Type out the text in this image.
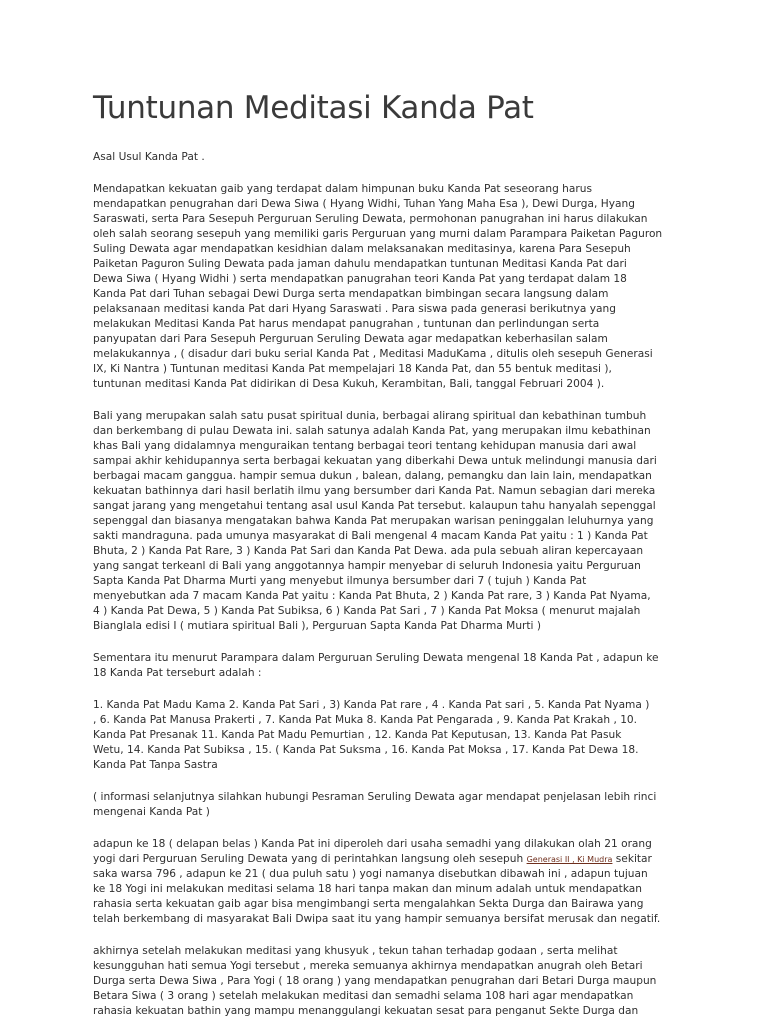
Tuntunan Meditasi Kanda Pat
Asal Usul Kanda Pat .
Mendapatkan kekuatan gaib yang terdapat dalam himpunan buku Kanda Pat seseorang harus
mendapatkan penugrahan dari Dewa Siwa ( Hyang Widhi, Tuhan Yang Maha Esa ), Dewi Durga, Hyang
Saraswati, serta Para Sesepuh Perguruan Seruling Dewata, permohonan panugrahan ini harus dilakukan
oleh salah seorang sesepuh yang memiliki garis Perguruan yang murni dalam Parampara Paiketan Paguron
Suling Dewata agar mendapatkan kesidhian dalam melaksanakan meditasinya, karena Para Sesepuh
Paiketan Paguron Suling Dewata pada jaman dahulu mendapatkan tuntunan Meditasi Kanda Pat dari
Dewa Siwa ( Hyang Widhi ) serta mendapatkan panugrahan teori Kanda Pat yang terdapat dalam 18
Kanda Pat dari Tuhan sebagai Dewi Durga serta mendapatkan bimbingan secara langsung dalam
pelaksanaan meditasi kanda Pat dari Hyang Saraswati . Para siswa pada generasi berikutnya yang
melakukan Meditasi Kanda Pat harus mendapat panugrahan , tuntunan dan perlindungan serta
panyupatan dari Para Sesepuh Perguruan Seruling Dewata agar medapatkan keberhasilan salam
melakukannya , ( disadur dari buku serial Kanda Pat , Meditasi MaduKama , ditulis oleh sesepuh Generasi
IX, Ki Nantra ) Tuntunan meditasi Kanda Pat mempelajari 18 Kanda Pat, dan 55 bentuk meditasi ),
tuntunan meditasi Kanda Pat didirikan di Desa Kukuh, Kerambitan, Bali, tanggal Februari 2004 ).
Bali yang merupakan salah satu pusat spiritual dunia, berbagai alirang spiritual dan kebathinan tumbuh
dan berkembang di pulau Dewata ini. salah satunya adalah Kanda Pat, yang merupakan ilmu kebathinan
khas Bali yang didalamnya menguraikan tentang berbagai teori tentang kehidupan manusia dari awal
sampai akhir kehidupannya serta berbagai kekuatan yang diberkahi Dewa untuk melindungi manusia dari
berbagai macam ganggua. hampir semua dukun , balean, dalang, pemangku dan lain lain, mendapatkan
kekuatan bathinnya dari hasil berlatih ilmu yang bersumber dari Kanda Pat. Namun sebagian dari mereka
sangat jarang yang mengetahui tentang asal usul Kanda Pat tersebut. kalaupun tahu hanyalah sepenggal
sepenggal dan biasanya mengatakan bahwa Kanda Pat merupakan warisan peninggalan leluhurnya yang
sakti mandraguna. pada umunya masyarakat di Bali mengenal 4 macam Kanda Pat yaitu : 1 ) Kanda Pat
Bhuta, 2 ) Kanda Pat Rare, 3 ) Kanda Pat Sari dan Kanda Pat Dewa. ada pula sebuah aliran kepercayaan
yang sangat terkeanl di Bali yang anggotannya hampir menyebar di seluruh Indonesia yaitu Perguruan
Sapta Kanda Pat Dharma Murti yang menyebut ilmunya bersumber dari 7 ( tujuh ) Kanda Pat
menyebutkan ada 7 macam Kanda Pat yaitu : Kanda Pat Bhuta, 2 ) Kanda Pat rare, 3 ) Kanda Pat Nyama,
4 ) Kanda Pat Dewa, 5 ) Kanda Pat Subiksa, 6 ) Kanda Pat Sari , 7 ) Kanda Pat Moksa ( menurut majalah
Bianglala edisi I ( mutiara spiritual Bali ), Perguruan Sapta Kanda Pat Dharma Murti )
Sementara itu menurut Parampara dalam Perguruan Seruling Dewata mengenal 18 Kanda Pat , adapun ke
18 Kanda Pat terseburt adalah :
1. Kanda Pat Madu Kama 2. Kanda Pat Sari , 3) Kanda Pat rare , 4 . Kanda Pat sari , 5. Kanda Pat Nyama )
, 6. Kanda Pat Manusa Prakerti , 7. Kanda Pat Muka 8. Kanda Pat Pengarada , 9. Kanda Pat Krakah , 10.
Kanda Pat Presanak 11. Kanda Pat Madu Pemurtian , 12. Kanda Pat Keputusan, 13. Kanda Pat Pasuk
Wetu, 14. Kanda Pat Subiksa , 15. ( Kanda Pat Suksma , 16. Kanda Pat Moksa , 17. Kanda Pat Dewa 18.
Kanda Pat Tanpa Sastra
( informasi selanjutnya silahkan hubungi Pesraman Seruling Dewata agar mendapat penjelasan lebih rinci
mengenai Kanda Pat )
adapun ke 18 ( delapan belas ) Kanda Pat ini diperoleh dari usaha semadhi yang dilakukan olah 21 orang
yogi dari Perguruan Seruling Dewata yang di perintahkan langsung oleh sesepuh Generasi II , Ki Mudra sekitar
saka warsa 796 , adapun ke 21 ( dua puluh satu ) yogi namanya disebutkan dibawah ini , adapun tujuan
ke 18 Yogi ini melakukan meditasi selama 18 hari tanpa makan dan minum adalah untuk mendapatkan
rahasia serta kekuatan gaib agar bisa mengimbangi serta mengalahkan Sekta Durga dan Bairawa yang
telah berkembang di masyarakat Bali Dwipa saat itu yang hampir semuanya bersifat merusak dan negatif.
akhirnya setelah melakukan meditasi yang khusyuk , tekun tahan terhadap godaan , serta melihat
kesungguhan hati semua Yogi tersebut , mereka semuanya akhirnya mendapatkan anugrah oleh Betari
Durga serta Dewa Siwa , Para Yogi ( 18 orang ) yang mendapatkan penugrahan dari Betari Durga maupun
Betara Siwa ( 3 orang ) setelah melakukan meditasi dan semadhi selama 108 hari agar mendapatkan
rahasia kekuatan bathin yang mampu menanggulangi kekuatan sesat para penganut Sekte Durga dan
